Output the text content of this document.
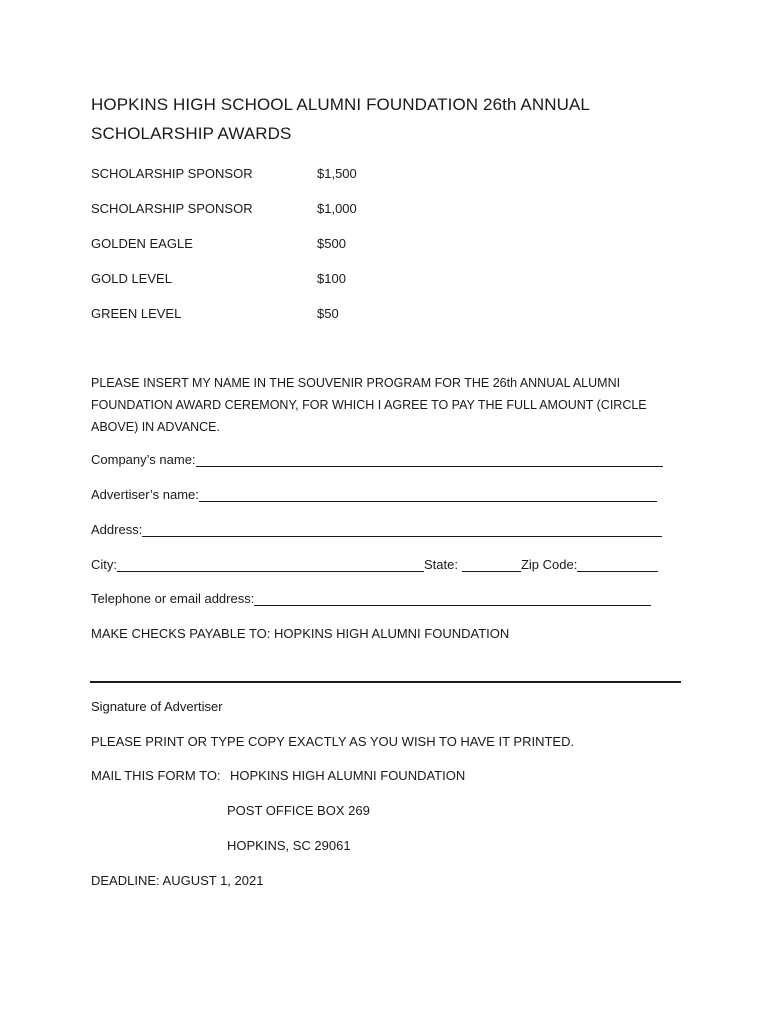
HOPKINS HIGH SCHOOL ALUMNI FOUNDATION 26th ANNUAL
SCHOLARSHIP AWARDS
SCHOLARSHIP SPONSOR	$1,500
SCHOLARSHIP SPONSOR	$1,000
GOLDEN EAGLE	$500
GOLD LEVEL	$100
GREEN LEVEL	$50
PLEASE INSERT MY NAME IN THE SOUVENIR PROGRAM FOR THE 26th ANNUAL ALUMNI FOUNDATION AWARD CEREMONY, FOR WHICH I AGREE TO PAY THE FULL AMOUNT (CIRCLE ABOVE) IN ADVANCE.
Company’s name:
Advertiser’s name:
Address:
City:	State:	Zip Code:
Telephone or email address:
MAKE CHECKS PAYABLE TO: HOPKINS HIGH ALUMNI FOUNDATION
Signature of Advertiser
PLEASE PRINT OR TYPE COPY EXACTLY AS YOU WISH TO HAVE IT PRINTED.
MAIL THIS FORM TO: HOPKINS HIGH ALUMNI FOUNDATION
POST OFFICE BOX 269
HOPKINS, SC 29061
DEADLINE: AUGUST 1, 2021
